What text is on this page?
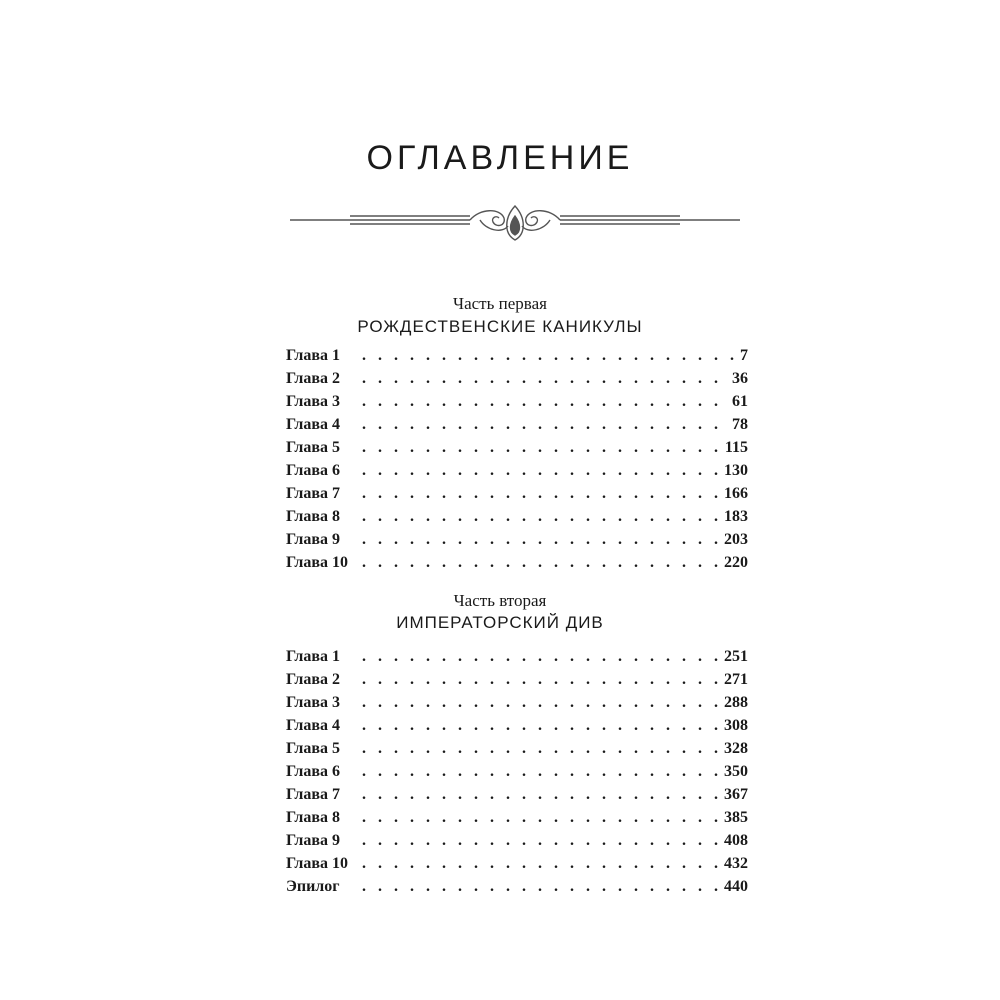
ОГЛАВЛЕНИЕ
Часть первая
РОЖДЕСТВЕНСКИЕ КАНИКУЛЫ
Глава 1 . . .	7
Глава 2 . . .	36
Глава 3 . . .	61
Глава 4 . . .	78
Глава 5 . . .	115
Глава 6 . . .	130
Глава 7 . . .	166
Глава 8 . . .	183
Глава 9 . . .	203
Глава 10 . . .	220
Часть вторая
ИМПЕРАТОРСКИЙ ДИВ
Глава 1 . . .	251
Глава 2 . . .	271
Глава 3 . . .	288
Глава 4 . . .	308
Глава 5 . . .	328
Глава 6 . . .	350
Глава 7 . . .	367
Глава 8 . . .	385
Глава 9 . . .	408
Глава 10 . . .	432
Эпилог . . .	440
